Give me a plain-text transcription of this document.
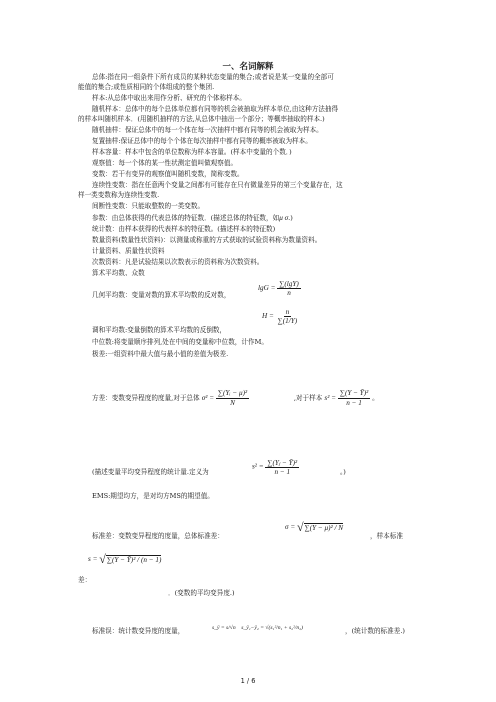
一、名词解释
总体:指在同一组条件下所有成员的某种状态变量的集合;或者说是某一变量的全部可
能值的集合;或性质相同的个体组成的整个集团.
样本:从总体中取出来用作分析、研究的个体称样本。
随机样本：总体中的每个总体单位都有同等的机会被抽取为样本单位,由这种方法抽得
的样本叫随机样本．(用随机抽样的方法,从总体中抽出一个部分；等概率抽取的样本.)
随机抽样：保证总体中的每一个体在每一次抽样中都有同等的机会被取为样本。
复置抽样:保证总体中的每个个体在每次抽样中都有同等的概率被取为样本。
样本容量：样本中包含的单位数称为样本容量。(样本中变量的个数．)
观察值：每一个体的某一性状测定值叫做观察值。
变数：若干有变异的观察值叫随机变数，简称变数。
连续性变数：指在任意两个变量之间都有可能存在只有微量差异的第三个变量存在，这
样一类变数称为连续性变数.
间断性变数：只能取整数的一类变数。
参数：由总体获得的代表总体的特征数．(描述总体的特征数，如μ σ.)
统计数：由样本获得的代表样本的特征数。(描述样本的特征数)
数量资料(数量性状资料)：以测量或称重的方式获取的试验资料称为数量资料。
计量资料、质量性状资料
次数资料：凡是试验结果以次数表示的资料称为次数资料。
算术平均数、众数
几何平均数：变量对数的算术平均数的反对数，
$\lg G = \frac{\sum(\lg Y)}{n}$
$H = \frac{n}{\sum(1/Y)}$
调和平均数:变量倒数的算术平均数的反倒数，
中位数:将变量顺序排列,处在中间的变量称中位数，计作M。
极差:一组资料中最大值与最小值的差值为极差.
方差：变数变异程度的度量,对于总体 $\sigma^2 = \frac{\text{∑(Yᵢ − μ)²}}{N}$	,对于样本 $s^2 = \frac{\text{∑(Y − Ȳ)²}}{n - 1}$ 。
$s^2 = \frac{\text{∑(Yⱼ − Ȳ)²}}{n - 1}$
(描述变量平均变异程度的统计量.定义为	。)
EMS:期望均方，是对均方MS的期望值。
标准差：变数变异程度的度量，总体标准差：
σ = √ ∑(Y − μ)² / N
，样本标准
s = √ ∑(Y − Ȳ)² / (n − 1)
差：
．(变数的平均变异度.)
标准误：统计数变异度的度量，	s_ȳ = s/√n s_ȳ₁−ȳ₂ = √(s₁²/n₁ + s₂²/n₂)	，(统计数的标准差.)
1 / 6
